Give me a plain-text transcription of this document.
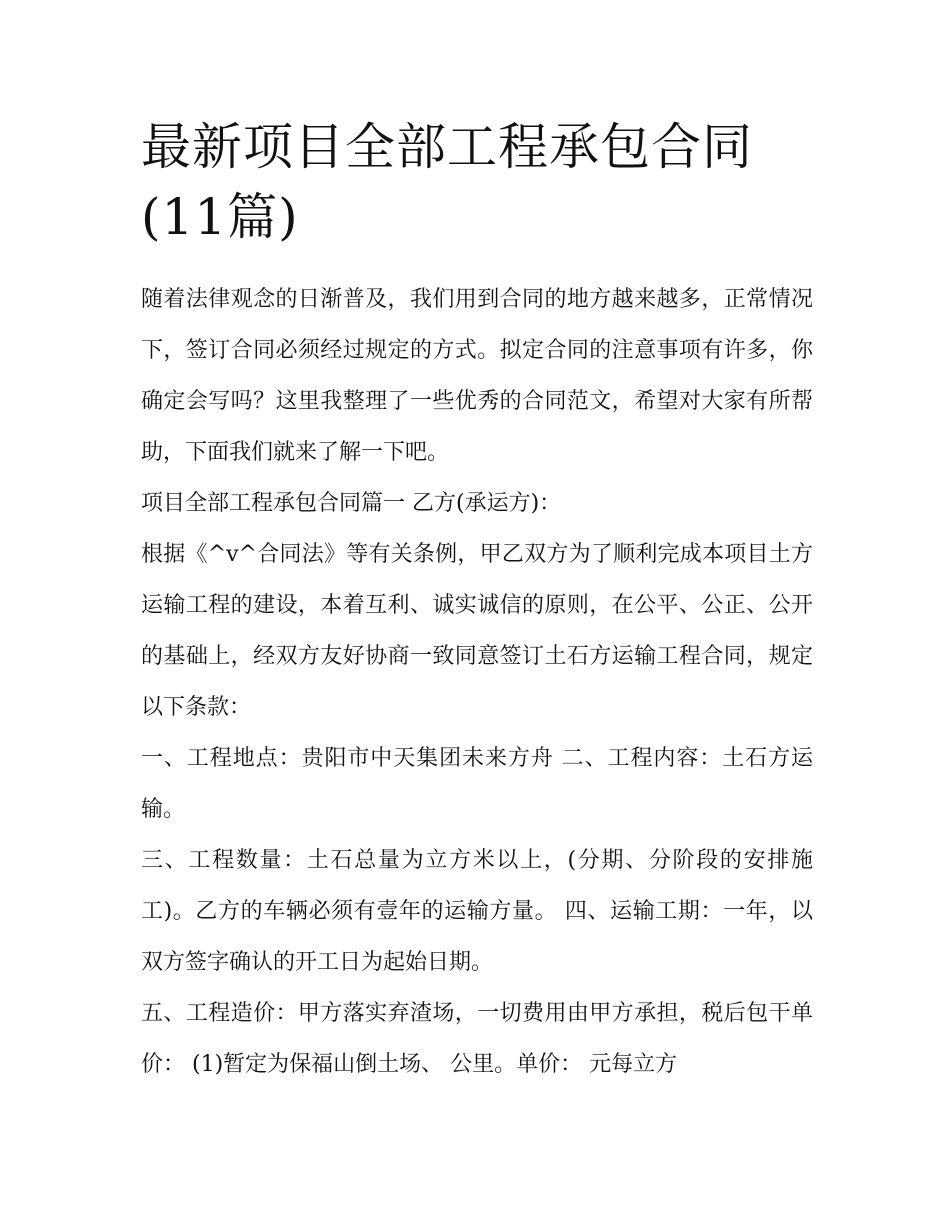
最新项目全部工程承包合同(11篇)

随着法律观念的日渐普及，我们用到合同的地方越来越多，正常情况下，签订合同必须经过规定的方式。拟定合同的注意事项有许多，你确定会写吗？这里我整理了一些优秀的合同范文，希望对大家有所帮助，下面我们就来了解一下吧。

项目全部工程承包合同篇一 乙方(承运方)：

根据《^v^合同法》等有关条例，甲乙双方为了顺利完成本项目土方运输工程的建设，本着互利、诚实诚信的原则，在公平、公正、公开的基础上，经双方友好协商一致同意签订土石方运输工程合同，规定以下条款：

一、工程地点：贵阳市中天集团未来方舟 二、工程内容：土石方运输。

三、工程数量：土石总量为立方米以上，(分期、分阶段的安排施工)。乙方的车辆必须有壹年的运输方量。 四、运输工期：一年，以双方签字确认的开工日为起始日期。

五、工程造价：甲方落实弃渣场，一切费用由甲方承担，税后包干单价： (1)暂定为保福山倒土场、 公里。单价： 元每立方
